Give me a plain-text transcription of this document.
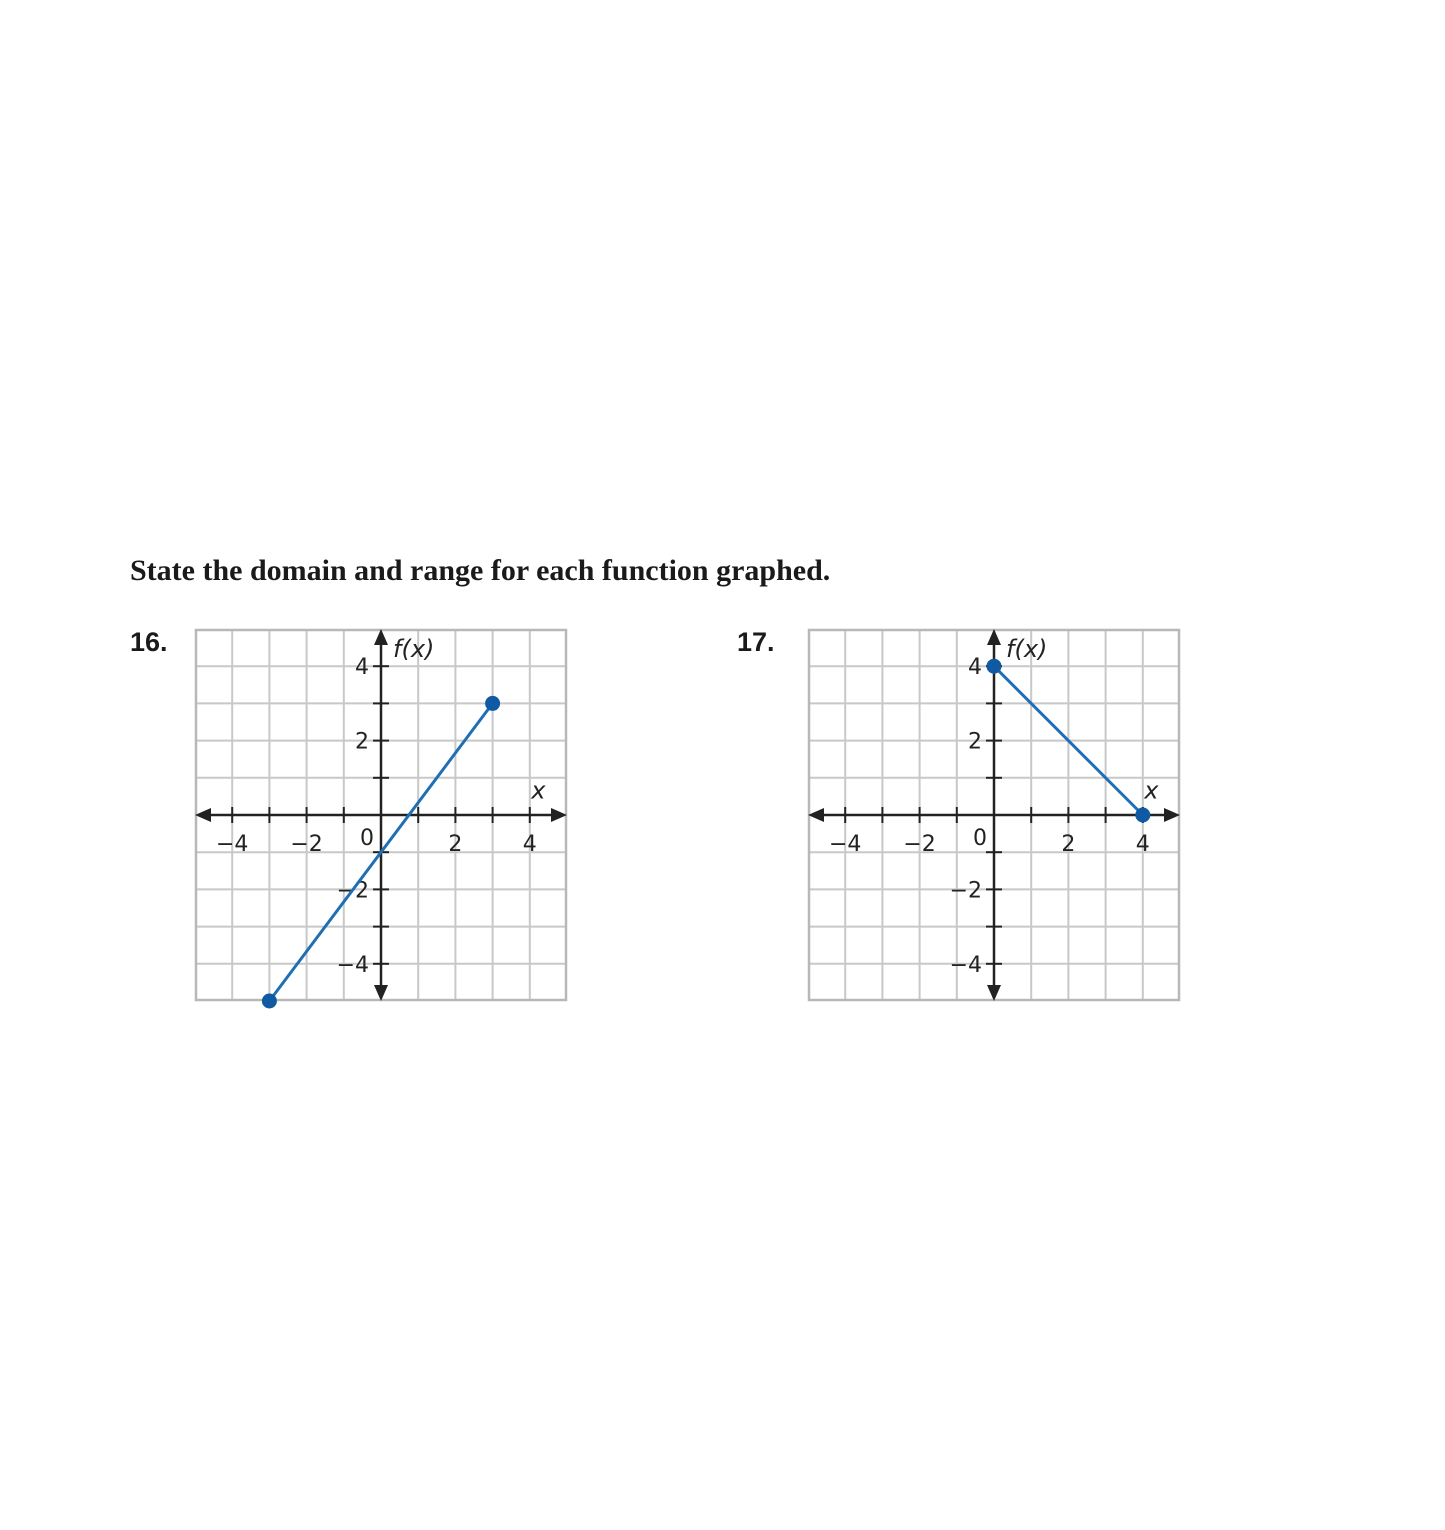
State the domain and range for each function graphed.

16.
−4 −2	2	4
4
2
−2
−4
0
x
f(x)	17.
−4 −2	2	4
4
2
−2
−4
0
x
f(x)
